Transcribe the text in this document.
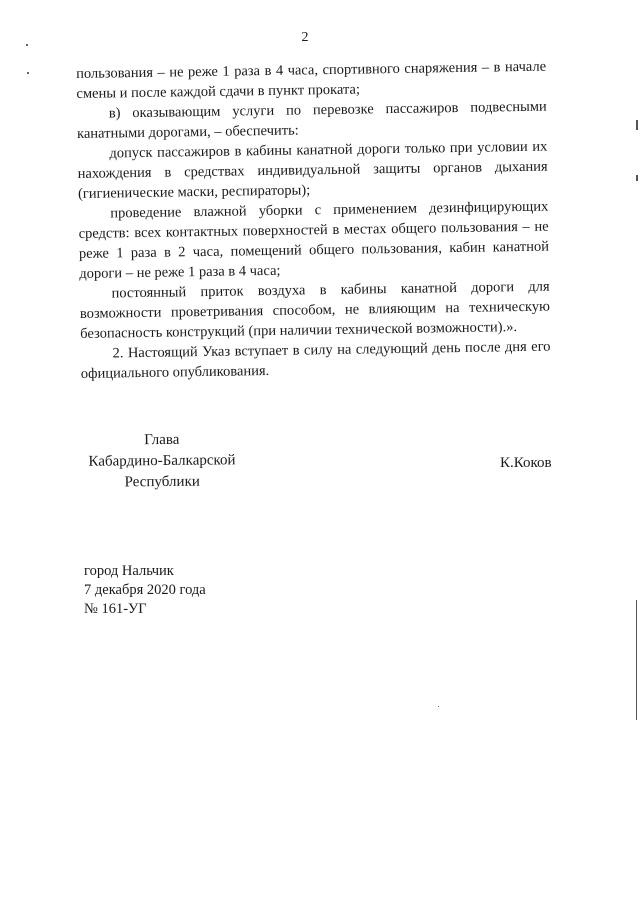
2

пользования – не реже 1 раза в 4 часа, спортивного снаряжения – в начале смены и после каждой сдачи в пункт проката;

в) оказывающим услуги по перевозке пассажиров подвесными канатными дорогами, – обеспечить:

допуск пассажиров в кабины канатной дороги только при условии их нахождения в средствах индивидуальной защиты органов дыхания (гигиенические маски, респираторы);

проведение влажной уборки с применением дезинфицирующих средств: всех контактных поверхностей в местах общего пользования – не реже 1 раза в 2 часа, помещений общего пользования, кабин канатной дороги – не реже 1 раза в 4 часа;

постоянный приток воздуха в кабины канатной дороги для возможности проветривания способом, не влияющим на техническую безопасность конструкций (при наличии технической возможности).».

2. Настоящий Указ вступает в силу на следующий день после дня его официального опубликования.

Глава
Кабардино-Балкарской
Республики
К.Коков
город Нальчик
7 декабря 2020 года
№ 161-УГ
